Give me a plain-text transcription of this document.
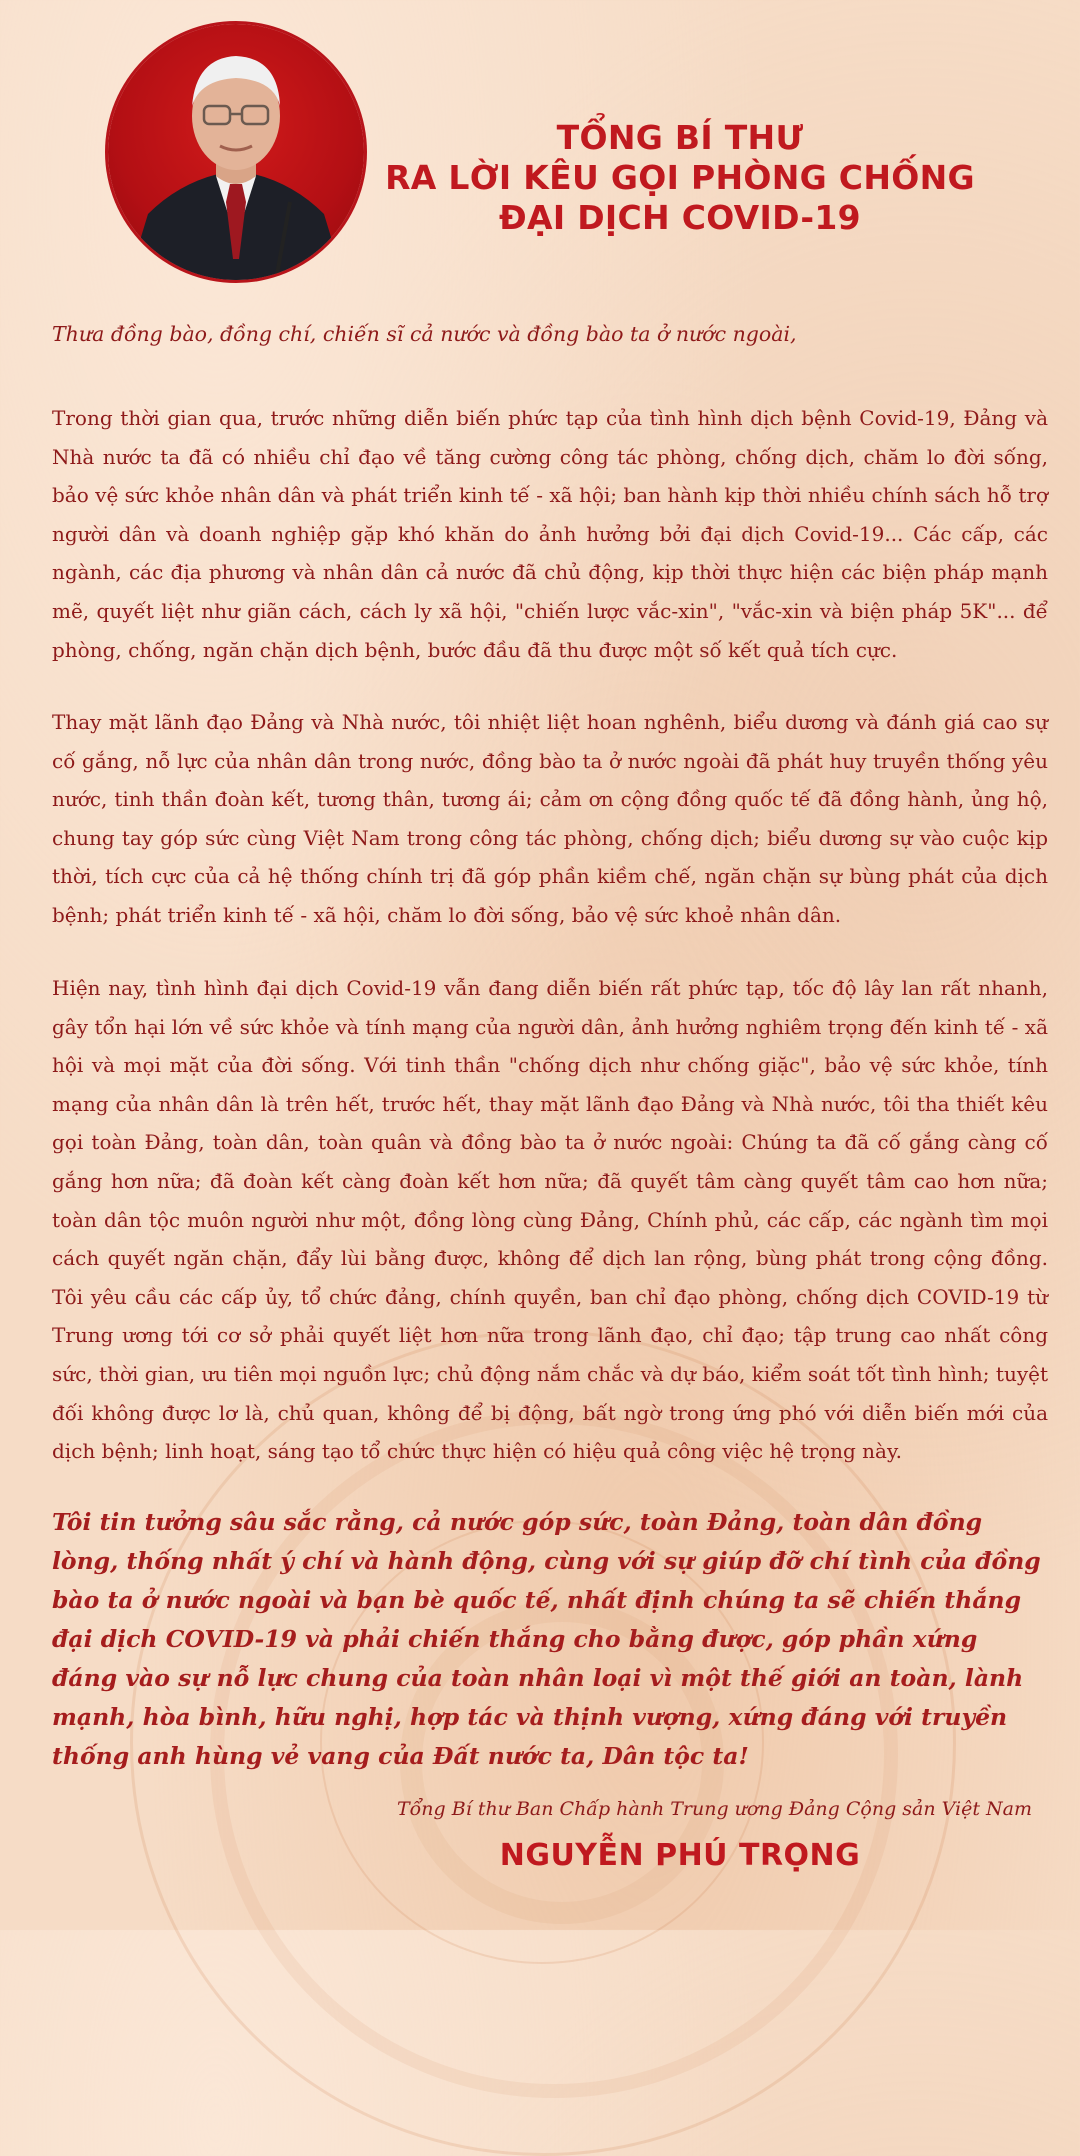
TỔNG BÍ THƯ
RA LỜI KÊU GỌI PHÒNG CHỐNG
ĐẠI DỊCH COVID-19
Thưa đồng bào, đồng chí, chiến sĩ cả nước và đồng bào ta ở nước ngoài,

Trong thời gian qua, trước những diễn biến phức tạp của tình hình dịch bệnh Covid-19, Đảng và Nhà nước ta đã có nhiều chỉ đạo về tăng cường công tác phòng, chống dịch, chăm lo đời sống, bảo vệ sức khỏe nhân dân và phát triển kinh tế - xã hội; ban hành kịp thời nhiều chính sách hỗ trợ người dân và doanh nghiệp gặp khó khăn do ảnh hưởng bởi đại dịch Covid-19... Các cấp, các ngành, các địa phương và nhân dân cả nước đã chủ động, kịp thời thực hiện các biện pháp mạnh mẽ, quyết liệt như giãn cách, cách ly xã hội, "chiến lược vắc-xin", "vắc-xin và biện pháp 5K"... để phòng, chống, ngăn chặn dịch bệnh, bước đầu đã thu được một số kết quả tích cực.

Thay mặt lãnh đạo Đảng và Nhà nước, tôi nhiệt liệt hoan nghênh, biểu dương và đánh giá cao sự cố gắng, nỗ lực của nhân dân trong nước, đồng bào ta ở nước ngoài đã phát huy truyền thống yêu nước, tinh thần đoàn kết, tương thân, tương ái; cảm ơn cộng đồng quốc tế đã đồng hành, ủng hộ, chung tay góp sức cùng Việt Nam trong công tác phòng, chống dịch; biểu dương sự vào cuộc kịp thời, tích cực của cả hệ thống chính trị đã góp phần kiềm chế, ngăn chặn sự bùng phát của dịch bệnh; phát triển kinh tế - xã hội, chăm lo đời sống, bảo vệ sức khoẻ nhân dân.

Hiện nay, tình hình đại dịch Covid-19 vẫn đang diễn biến rất phức tạp, tốc độ lây lan rất nhanh, gây tổn hại lớn về sức khỏe và tính mạng của người dân, ảnh hưởng nghiêm trọng đến kinh tế - xã hội và mọi mặt của đời sống. Với tinh thần "chống dịch như chống giặc", bảo vệ sức khỏe, tính mạng của nhân dân là trên hết, trước hết, thay mặt lãnh đạo Đảng và Nhà nước, tôi tha thiết kêu gọi toàn Đảng, toàn dân, toàn quân và đồng bào ta ở nước ngoài: Chúng ta đã cố gắng càng cố gắng hơn nữa; đã đoàn kết càng đoàn kết hơn nữa; đã quyết tâm càng quyết tâm cao hơn nữa; toàn dân tộc muôn người như một, đồng lòng cùng Đảng, Chính phủ, các cấp, các ngành tìm mọi cách quyết ngăn chặn, đẩy lùi bằng được, không để dịch lan rộng, bùng phát trong cộng đồng. Tôi yêu cầu các cấp ủy, tổ chức đảng, chính quyền, ban chỉ đạo phòng, chống dịch COVID-19 từ Trung ương tới cơ sở phải quyết liệt hơn nữa trong lãnh đạo, chỉ đạo; tập trung cao nhất công sức, thời gian, ưu tiên mọi nguồn lực; chủ động nắm chắc và dự báo, kiểm soát tốt tình hình; tuyệt đối không được lơ là, chủ quan, không để bị động, bất ngờ trong ứng phó với diễn biến mới của dịch bệnh; linh hoạt, sáng tạo tổ chức thực hiện có hiệu quả công việc hệ trọng này.

Tôi tin tưởng sâu sắc rằng, cả nước góp sức, toàn Đảng, toàn dân đồng lòng, thống nhất ý chí và hành động, cùng với sự giúp đỡ chí tình của đồng bào ta ở nước ngoài và bạn bè quốc tế, nhất định chúng ta sẽ chiến thắng đại dịch COVID-19 và phải chiến thắng cho bằng được, góp phần xứng đáng vào sự nỗ lực chung của toàn nhân loại vì một thế giới an toàn, lành mạnh, hòa bình, hữu nghị, hợp tác và thịnh vượng, xứng đáng với truyền thống anh hùng vẻ vang của Đất nước ta, Dân tộc ta!

Tổng Bí thư Ban Chấp hành Trung ương Đảng Cộng sản Việt Nam
NGUYỄN PHÚ TRỌNG
